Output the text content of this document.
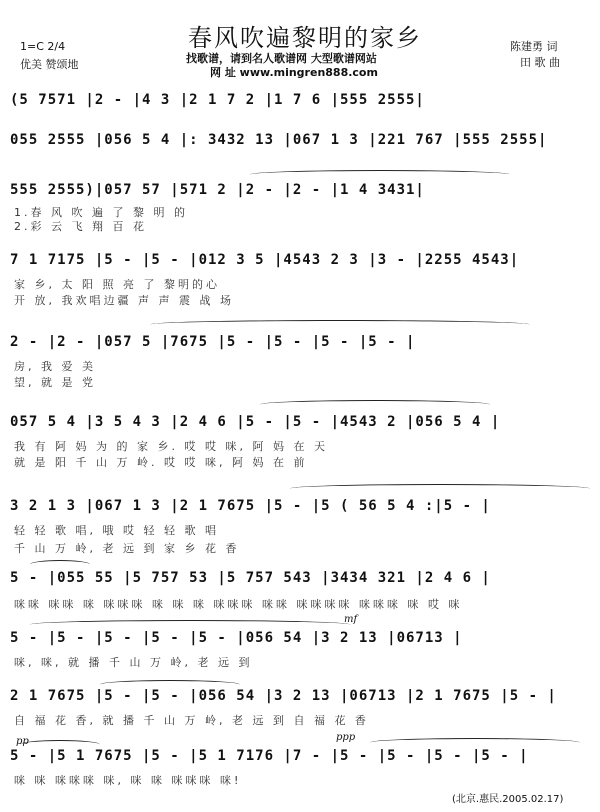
1=C 2/4
优美 赞颂地
春风吹遍黎明的家乡
找歌谱，请到名人歌谱网 大型歌谱网站
网 址 www.mingren888.com
陈建勇 词
田 歌 曲
(5 7571 |2 - |4 3 |2 1 7 2 |1 7 6 |555 2555|
055 2555 |056 5 4 |: 3432 13 |067 1 3 |221 767 |555 2555|
555 2555)|057 57 |571 2 |2 - |2 - |1 4 3431|
1.春 风 吹 遍 了 黎 明 的
2.彩 云 飞 翔 百 花
7 1 7175 |5 - |5 - |012 3 5 |4543 2 3 |3 - |2255 4543|
家 乡, 太 阳 照 亮 了 黎明的心
开 放, 我欢唱边疆 声 声 震 战 场
2 - |2 - |057 5 |7675 |5 - |5 - |5 - |5 - |
房, 我 爱 美
望, 就 是 党
057 5 4 |3 5 4 3 |2 4 6 |5 - |5 - |4543 2 |056 5 4 |
我 有 阿 妈 为 的 家 乡. 哎 哎 咪, 阿 妈 在 天
就 是 阳 千 山 万 岭. 哎 哎 咪, 阿 妈 在 前
3 2 1 3 |067 1 3 |2 1 7675 |5 - |5 ( 56 5 4 :|5 - |
轻 轻 歌 唱, 哦 哎 轻 轻 歌 唱
千 山 万 岭, 老 远 到 家 乡 花 香
5 - |055 55 |5 757 53 |5 757 543 |3434 321 |2 4 6 |
咪咪 咪咪 咪 咪咪咪 咪 咪 咪 咪咪咪 咪咪 咪咪咪咪 咪咪咪 咪 哎 咪
5 - |5 - |5 - |5 - |5 - |056 54 |3 2 13 |06713 |
咪, 咪, 就 播 千 山 万 岭, 老 远 到
2 1 7675 |5 - |5 - |056 54 |3 2 13 |06713 |2 1 7675 |5 - |
自 福 花 香, 就 播 千 山 万 岭, 老 远 到 自 福 花 香
5 - |5 1 7675 |5 - |5 1 7176 |7 - |5 - |5 - |5 - |5 - |
咪 咪 咪咪咪 咪, 咪 咪 咪咪咪 咪!
mf
pp	ppp
(北京.惠民.2005.02.17)
